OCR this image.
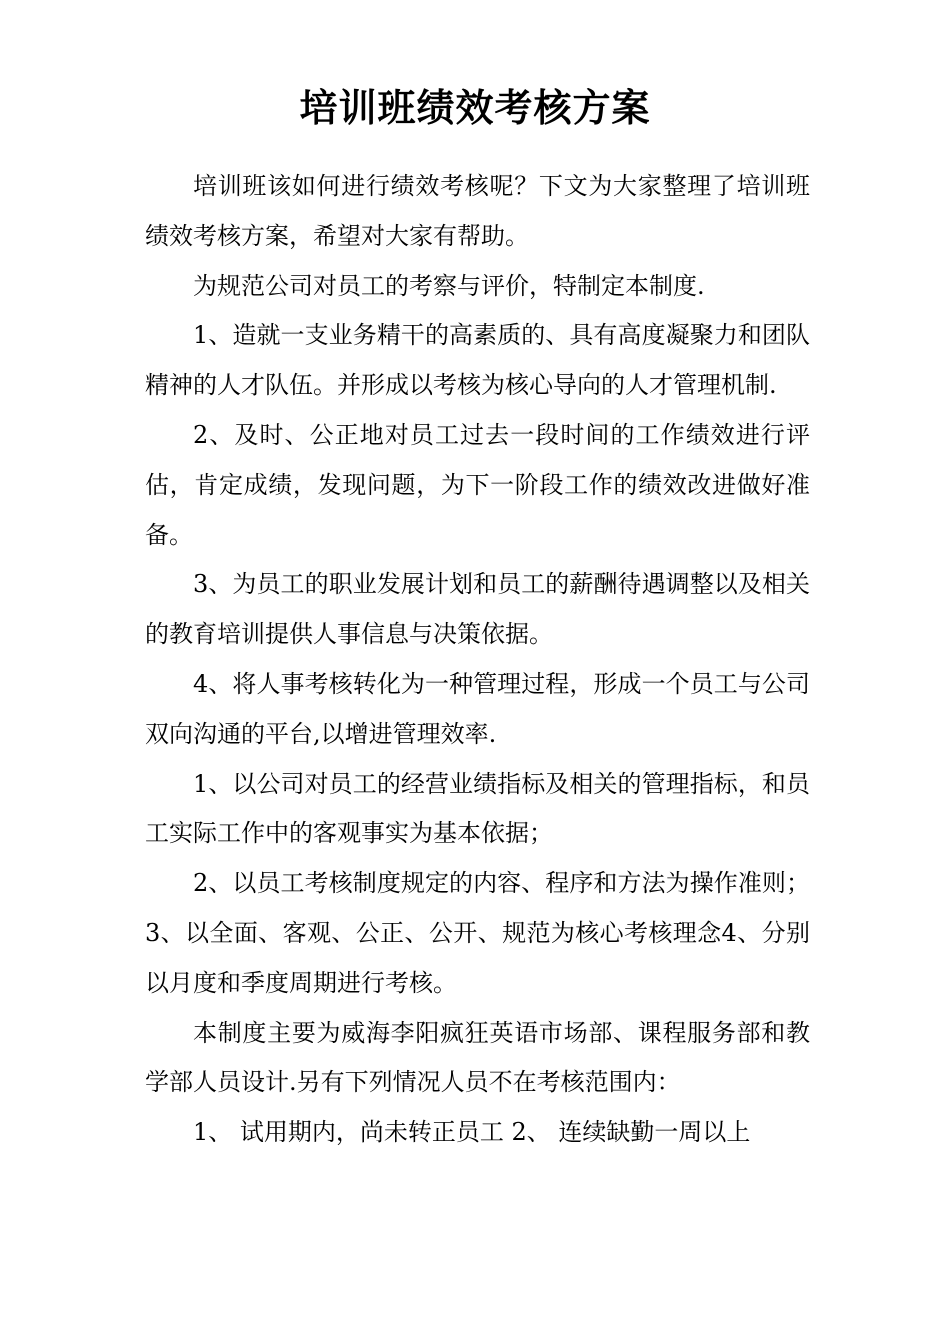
培训班绩效考核方案

培训班该如何进行绩效考核呢？下文为大家整理了培训班绩效考核方案，希望对大家有帮助。

为规范公司对员工的考察与评价，特制定本制度.

1、造就一支业务精干的高素质的、具有高度凝聚力和团队精神的人才队伍。并形成以考核为核心导向的人才管理机制.

2、及时、公正地对员工过去一段时间的工作绩效进行评估，肯定成绩，发现问题，为下一阶段工作的绩效改进做好准备。

3、为员工的职业发展计划和员工的薪酬待遇调整以及相关的教育培训提供人事信息与决策依据。

4、将人事考核转化为一种管理过程，形成一个员工与公司双向沟通的平台,以增进管理效率.

1、以公司对员工的经营业绩指标及相关的管理指标，和员工实际工作中的客观事实为基本依据；

2、以员工考核制度规定的内容、程序和方法为操作准则； 3、以全面、客观、公正、公开、规范为核心考核理念4、分别以月度和季度周期进行考核。

本制度主要为威海李阳疯狂英语市场部、课程服务部和教学部人员设计.另有下列情况人员不在考核范围内：

1、 试用期内，尚未转正员工 2、 连续缺勤一周以上
